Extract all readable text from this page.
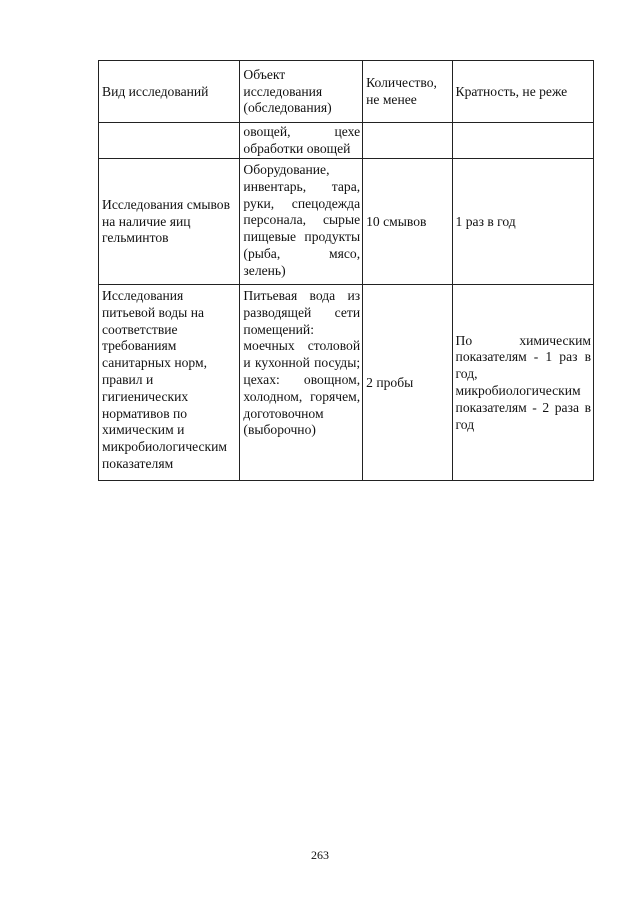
Вид исследований	Объект исследования (обследования)	Количество, не менее	Кратность, не реже
	овощей, цехе обработки овощей		
Исследования смывов на наличие яиц гельминтов	Оборудование, инвентарь, тара, руки, спецодежда персонала, сырые пищевые продукты (рыба, мясо, зелень)	10 смывов	1 раз в год
Исследования питьевой воды на соответствие требованиям санитарных норм, правил и гигиенических нормативов по химическим и микробиологическим показателям	Питьевая вода из разводящей сети помещений: моечных столовой и кухонной посуды; цехах: овощном, холодном, горячем, доготовочном (выборочно)	2 пробы	По химическим показателям - 1 раз в год, микробиологическим показателям - 2 раза в год
263
